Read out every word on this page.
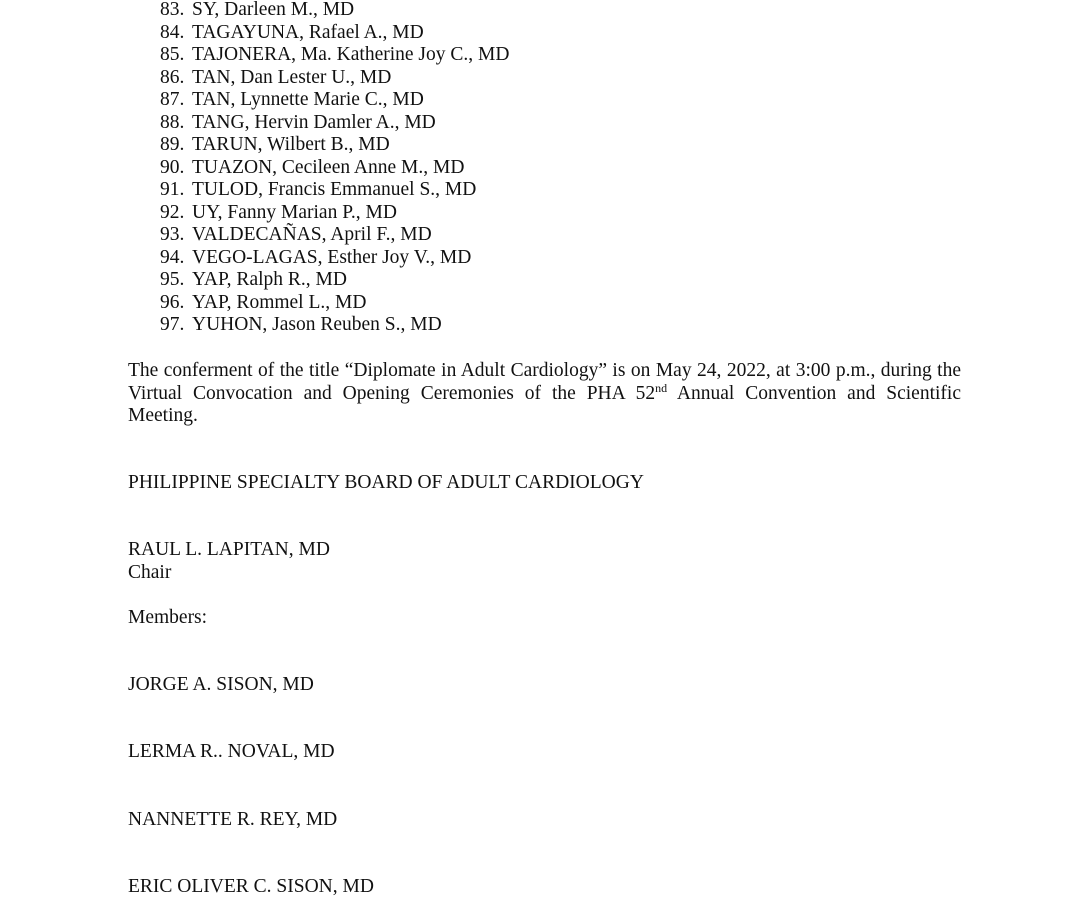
83. SY, Darleen M., MD
84. TAGAYUNA, Rafael A., MD
85. TAJONERA, Ma. Katherine Joy C., MD
86. TAN, Dan Lester U., MD
87. TAN, Lynnette Marie C., MD
88. TANG, Hervin Damler A., MD
89. TARUN, Wilbert B., MD
90. TUAZON, Cecileen Anne M., MD
91. TULOD, Francis Emmanuel S., MD
92. UY, Fanny Marian P., MD
93. VALDECAÑAS, April F., MD
94. VEGO-LAGAS, Esther Joy V., MD
95. YAP, Ralph R., MD
96. YAP, Rommel L., MD
97. YUHON, Jason Reuben S., MD
The conferment of the title “Diplomate in Adult Cardiology” is on May 24, 2022, at 3:00 p.m., during the Virtual Convocation and Opening Ceremonies of the PHA 52nd Annual Convention and Scientific Meeting.
PHILIPPINE SPECIALTY BOARD OF ADULT CARDIOLOGY
RAUL L. LAPITAN, MD
Chair
Members:
JORGE A. SISON, MD
LERMA R.. NOVAL, MD
NANNETTE R. REY, MD
ERIC OLIVER C. SISON, MD
